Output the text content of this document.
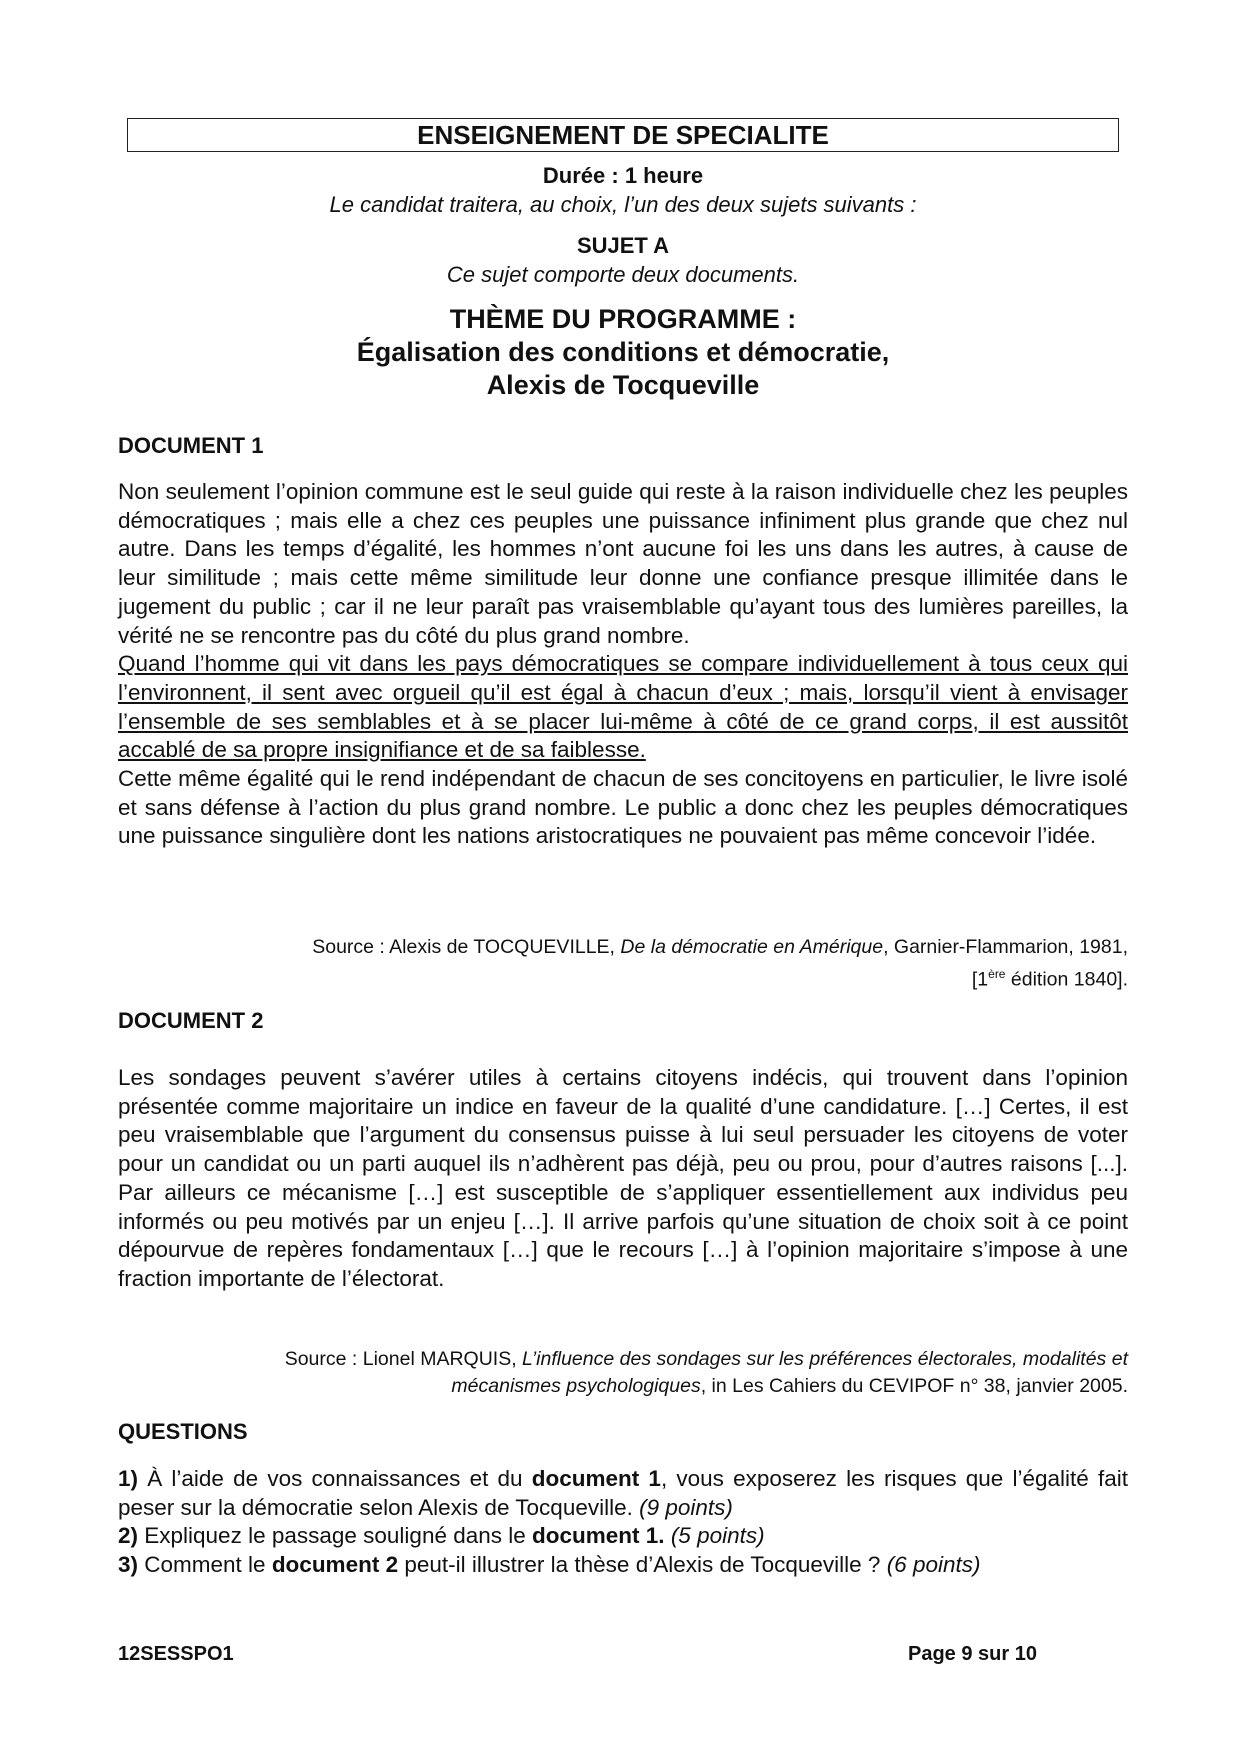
ENSEIGNEMENT DE SPECIALITE
Durée : 1 heure
Le candidat traitera, au choix, l’un des deux sujets suivants :
SUJET A
Ce sujet comporte deux documents.
THÈME DU PROGRAMME :
Égalisation des conditions et démocratie,
Alexis de Tocqueville
DOCUMENT 1

Non seulement l’opinion commune est le seul guide qui reste à la raison individuelle chez les peuples démocratiques ; mais elle a chez ces peuples une puissance infiniment plus grande que chez nul autre. Dans les temps d’égalité, les hommes n’ont aucune foi les uns dans les autres, à cause de leur similitude ; mais cette même similitude leur donne une confiance presque illimitée dans le jugement du public ; car il ne leur paraît pas vraisemblable qu’ayant tous des lumières pareilles, la vérité ne se rencontre pas du côté du plus grand nombre.

Quand l’homme qui vit dans les pays démocratiques se compare individuellement à tous ceux qui l’environnent, il sent avec orgueil qu’il est égal à chacun d’eux ; mais, lorsqu’il vient à envisager l’ensemble de ses semblables et à se placer lui-même à côté de ce grand corps, il est aussitôt accablé de sa propre insignifiance et de sa faiblesse.

Cette même égalité qui le rend indépendant de chacun de ses concitoyens en particulier, le livre isolé et sans défense à l’action du plus grand nombre. Le public a donc chez les peuples démocratiques une puissance singulière dont les nations aristocratiques ne pouvaient pas même concevoir l’idée.

Source : Alexis de TOCQUEVILLE, De la démocratie en Amérique, Garnier-Flammarion, 1981,
[1ère édition 1840].
DOCUMENT 2

Les sondages peuvent s’avérer utiles à certains citoyens indécis, qui trouvent dans l’opinion présentée comme majoritaire un indice en faveur de la qualité d’une candidature. […] Certes, il est peu vraisemblable que l’argument du consensus puisse à lui seul persuader les citoyens de voter pour un candidat ou un parti auquel ils n’adhèrent pas déjà, peu ou prou, pour d’autres raisons [...]. Par ailleurs ce mécanisme […] est susceptible de s’appliquer essentiellement aux individus peu informés ou peu motivés par un enjeu […]. Il arrive parfois qu’une situation de choix soit à ce point dépourvue de repères fondamentaux […] que le recours […] à l’opinion majoritaire s’impose à une fraction importante de l’électorat.

Source : Lionel MARQUIS, L’influence des sondages sur les préférences électorales, modalités et
mécanismes psychologiques, in Les Cahiers du CEVIPOF n° 38, janvier 2005.
QUESTIONS

1) À l’aide de vos connaissances et du document 1, vous exposerez les risques que l’égalité fait peser sur la démocratie selon Alexis de Tocqueville. (9 points)

2) Expliquez le passage souligné dans le document 1. (5 points)

3) Comment le document 2 peut-il illustrer la thèse d’Alexis de Tocqueville ? (6 points)

12SESSPO1	Page 9 sur 10
